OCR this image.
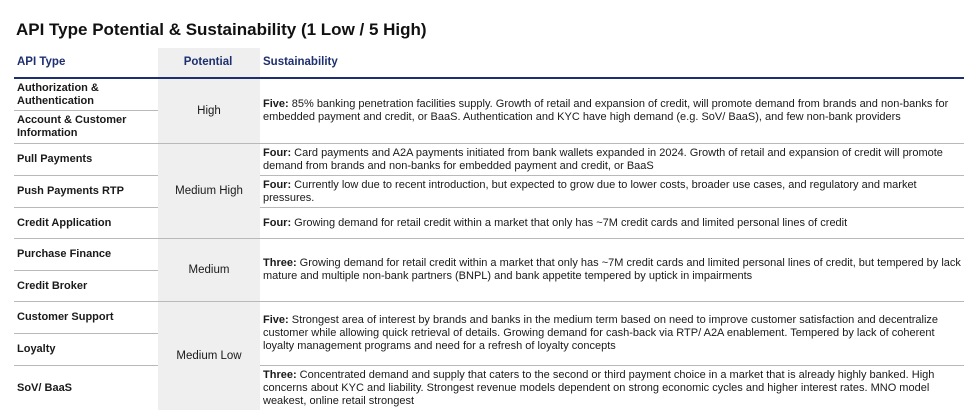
API Type Potential & Sustainability (1 Low / 5 High)
API Type	Potential	Sustainability
Authorization & Authentication
Account & Customer Information
Pull Payments
Push Payments RTP
Credit Application
Purchase Finance
Credit Broker
Customer Support
Loyalty
SoV/ BaaS
High
Medium High
Medium
Medium Low
Five: 85% banking penetration facilities supply. Growth of retail and expansion of credit, will promote demand from brands and non-banks for embedded payment and credit, or BaaS. Authentication and KYC have high demand (e.g. SoV/ BaaS), and few non-bank providers
Four: Card payments and A2A payments initiated from bank wallets expanded in 2024. Growth of retail and expansion of credit will promote demand from brands and non-banks for embedded payment and credit, or BaaS
Four: Currently low due to recent introduction, but expected to grow due to lower costs, broader use cases, and regulatory and market pressures.
Four: Growing demand for retail credit within a market that only has ~7M credit cards and limited personal lines of credit
Three: Growing demand for retail credit within a market that only has ~7M credit cards and limited personal lines of credit, but tempered by lack mature and multiple non-bank partners (BNPL) and bank appetite tempered by uptick in impairments
Five: Strongest area of interest by brands and banks in the medium term based on need to improve customer satisfaction and decentralize customer while allowing quick retrieval of details. Growing demand for cash-back via RTP/ A2A enablement. Tempered by lack of coherent loyalty management programs and need for a refresh of loyalty concepts
Three: Concentrated demand and supply that caters to the second or third payment choice in a market that is already highly banked. High concerns about KYC and liability. Strongest revenue models dependent on strong economic cycles and higher interest rates. MNO model weakest, online retail strongest
